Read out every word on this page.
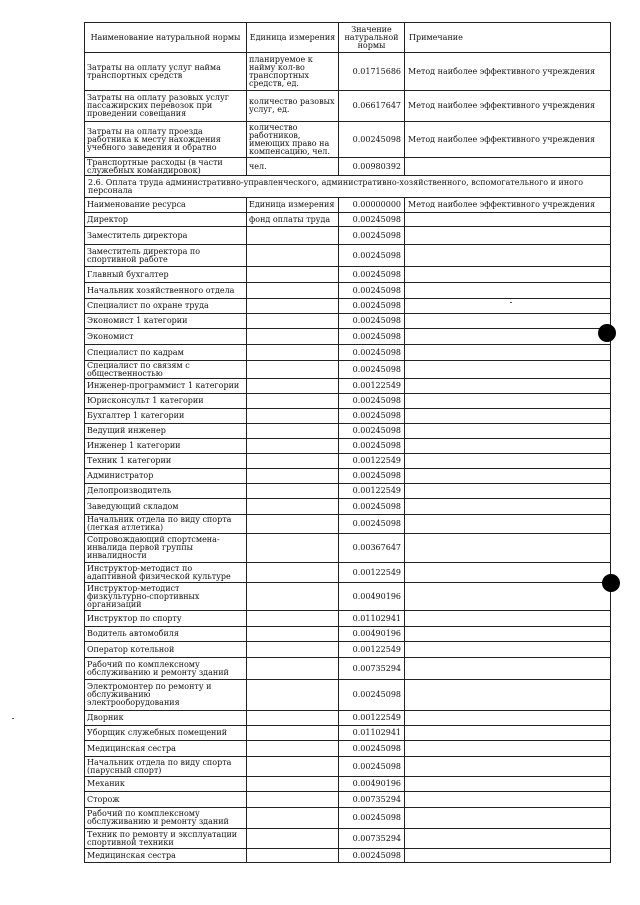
Наименование натуральной нормы	Единица измерения	Значение натуральной нормы	Примечание
Затраты на оплату услуг найма транспортных средств	планируемое к найму кол-во транспортных средств, ед.	0.01715686	Метод наиболее эффективного учреждения
Затраты на оплату разовых услуг пассажирских перевозок при проведении совещания	количество разовых услуг, ед.	0.06617647	Метод наиболее эффективного учреждения
Затраты на оплату проезда работника к месту нахождения учебного заведения и обратно	количество работников, имеющих право на компенсацию, чел.	0.00245098	Метод наиболее эффективного учреждения
Транспортные расходы (в части служебных командировок)	чел.	0.00980392	
2.6. Оплата труда административно-управленческого, административно-хозяйственного, вспомогательного и иного персонала			
Наименование ресурса	Единица измерения	0.00000000	Метод наиболее эффективного учреждения
Директор	фонд оплаты труда	0.00245098	
Заместитель директора		0.00245098	
Заместитель директора по спортивной работе		0.00245098	
Главный бухгалтер		0.00245098	
Начальник хозяйственного отдела		0.00245098	
Специалист по охране труда		0.00245098	
Экономист 1 категории		0.00245098	
Экономист		0.00245098	
Специалист по кадрам		0.00245098	
Специалист по связям с общественностью		0.00245098	
Инженер-программист 1 категории		0.00122549	
Юрисконсульт 1 категории		0.00245098	
Бухгалтер 1 категории		0.00245098	
Ведущий инженер		0.00245098	
Инженер 1 категории		0.00245098	
Техник 1 категории		0.00122549	
Администратор		0.00245098	
Делопроизводитель		0.00122549	
Заведующий складом		0.00245098	
Начальник отдела по виду спорта (легкая атлетика)		0.00245098	
Сопровождающий спортсмена-инвалида первой группы инвалидности		0.00367647	
Инструктор-методист по адаптивной физической культуре		0.00122549	
Инструктор-методист физкультурно-спортивных организаций		0.00490196	
Инструктор по спорту		0.01102941	
Водитель автомобиля		0.00490196	
Оператор котельной		0.00122549	
Рабочий по комплексному обслуживанию и ремонту зданий		0.00735294	
Электромонтер по ремонту и обслуживанию электрооборудования		0.00245098	
Дворник		0.00122549	
Уборщик служебных помещений		0.01102941	
Медицинская сестра		0.00245098	
Начальник отдела по виду спорта (парусный спорт)		0.00245098	
Механик		0.00490196	
Сторож		0.00735294	
Рабочий по комплексному обслуживанию и ремонту зданий		0.00245098	
Техник по ремонту и эксплуатации спортивной техники		0.00735294	
Медицинская сестра		0.00245098	
